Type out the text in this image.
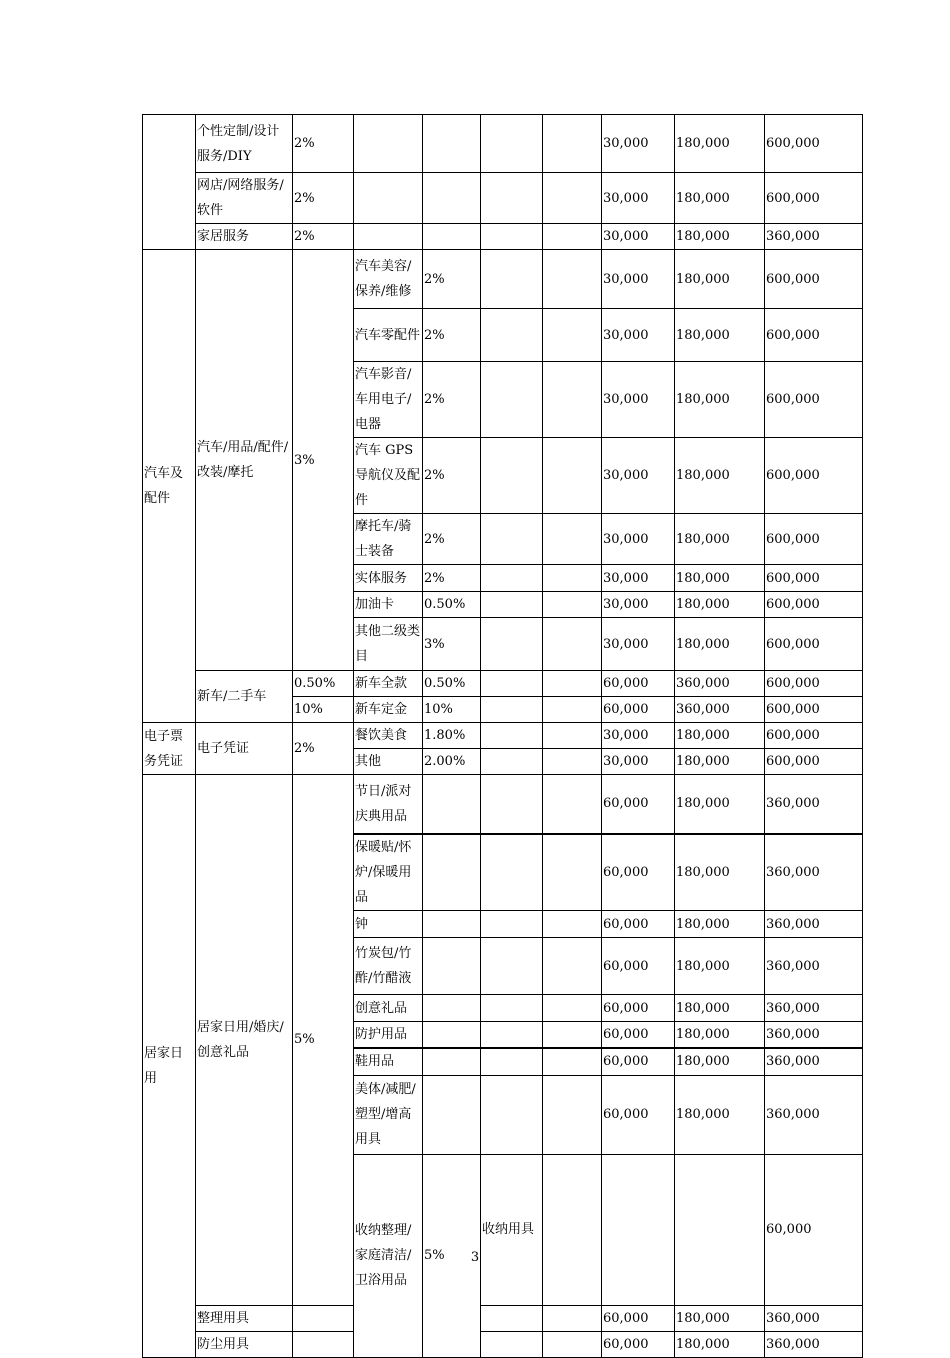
	个性定制/设计服务/DIY	2%					30,000	180,000	600,000	
	网店/网络服务/软件	2%					30,000	180,000	600,000	
	家居服务	2%					30,000	180,000	360,000	
汽车及配件	汽车/用品/配件/改装/摩托	3%	汽车美容/保养/维修	2%			30,000	180,000	600,000	
			汽车零配件	2%			30,000	180,000	600,000	
			汽车影音/车用电子/电器	2%			30,000	180,000	600,000	
			汽车 GPS 导航仪及配件	2%			30,000	180,000	600,000	
			摩托车/骑士装备	2%			30,000	180,000	600,000	
			实体服务	2%			30,000	180,000	600,000	
			加油卡	0.50%			30,000	180,000	600,000	
			其他二级类目	3%			30,000	180,000	600,000	
	新车/二手车	0.50%	新车全款	0.50%			60,000	360,000	600,000	
		10%	新车定金	10%			60,000	360,000	600,000	
电子票务凭证	电子凭证	2%	餐饮美食	1.80%			30,000	180,000	600,000	
			其他	2.00%			30,000	180,000	600,000	
居家日用	居家日用/婚庆/创意礼品	5%	节日/派对庆典用品				60,000	180,000	360,000	
			保暖贴/怀炉/保暖用品				60,000	180,000	360,000	
			钟				60,000	180,000	360,000	
			竹炭包/竹酢/竹醋液				60,000	180,000	360,000	
			创意礼品				60,000	180,000	360,000	
			防护用品				60,000	180,000	360,000	
			鞋用品				60,000	180,000	360,000	
			美体/减肥/塑型/增高用具				60,000	180,000	360,000	
			收纳整理/家庭清洁/卫浴用品	5%	收纳用具				60,000		
	整理用具						60,000	180,000	360,000	
	防尘用具						60,000	180,000	360,000	
3
